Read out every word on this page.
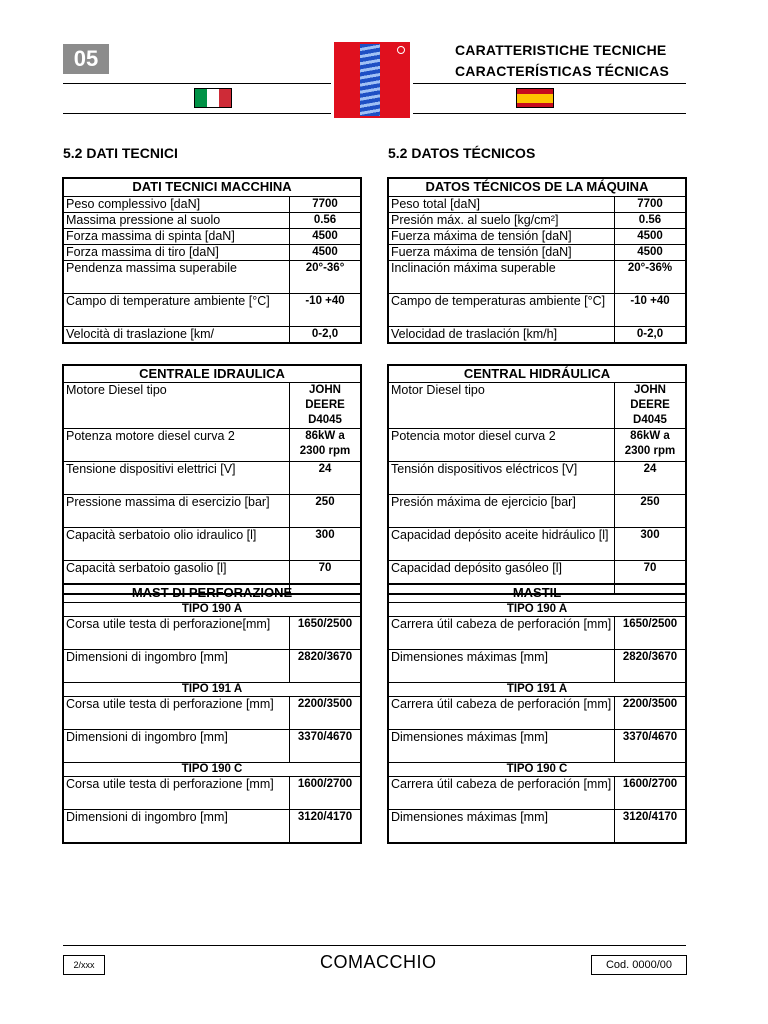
05	CARATTERISTICHE TECNICHE
CARACTERÍSTICAS TÉCNICAS
5.2 DATI TECNICI	5.2 DATOS TÉCNICOS
DATI TECNICI MACCHINA	
Peso complessivo [daN]	7700
Massima pressione al suolo	0.56
Forza massima di spinta [daN]	4500
Forza massima di tiro [daN]	4500
Pendenza massima superabile	20°-36°
Campo di temperature ambiente [°C]	-10 +40
Velocità di traslazione [km/	0-2,0
CENTRALE IDRAULICA	
Motore Diesel tipo	JOHN DEERE D4045
Potenza motore diesel curva 2	86kW a 2300 rpm
Tensione dispositivi elettrici [V]	24
Pressione massima di esercizio [bar]	250
Capacità serbatoio olio idraulico [l]	300
Capacità serbatoio gasolio [l]	70
MAST DI PERFORAZIONE	
TIPO 190 A	
Corsa utile testa di perforazione[mm]	1650/2500
Dimensioni di ingombro [mm]	2820/3670
TIPO 191 A	
Corsa utile testa di perforazione [mm]	2200/3500
Dimensioni di ingombro [mm]	3370/4670
TIPO 190 C	
Corsa utile testa di perforazione [mm]	1600/2700
Dimensioni di ingombro [mm]	3120/4170
DATOS TÉCNICOS DE LA MÁQUINA	
Peso total [daN]	7700
Presión máx. al suelo [kg/cm²]	0.56
Fuerza máxima de tensión [daN]	4500
Fuerza máxima de tensión [daN]	4500
Inclinación máxima superable	20°-36%
Campo de temperaturas ambiente [°C]	-10 +40
Velocidad de traslación [km/h]	0-2,0
CENTRAL HIDRÁULICA	
Motor Diesel tipo	JOHN DEERE D4045
Potencia motor diesel curva 2	86kW a 2300 rpm
Tensión dispositivos eléctricos [V]	24
Presión máxima de ejercicio [bar]	250
Capacidad depósito aceite hidráulico [l]	300
Capacidad depósito gasóleo [l]	70
MASTIL	
TIPO 190 A	
Carrera útil cabeza de perforación [mm]	1650/2500
Dimensiones máximas [mm]	2820/3670
TIPO 191 A	
Carrera útil cabeza de perforación [mm]	2200/3500
Dimensiones máximas [mm]	3370/4670
TIPO 190 C	
Carrera útil cabeza de perforación [mm]	1600/2700
Dimensiones máximas [mm]	3120/4170
2/xxx	COMACCHIO	Cod. 0000/00
